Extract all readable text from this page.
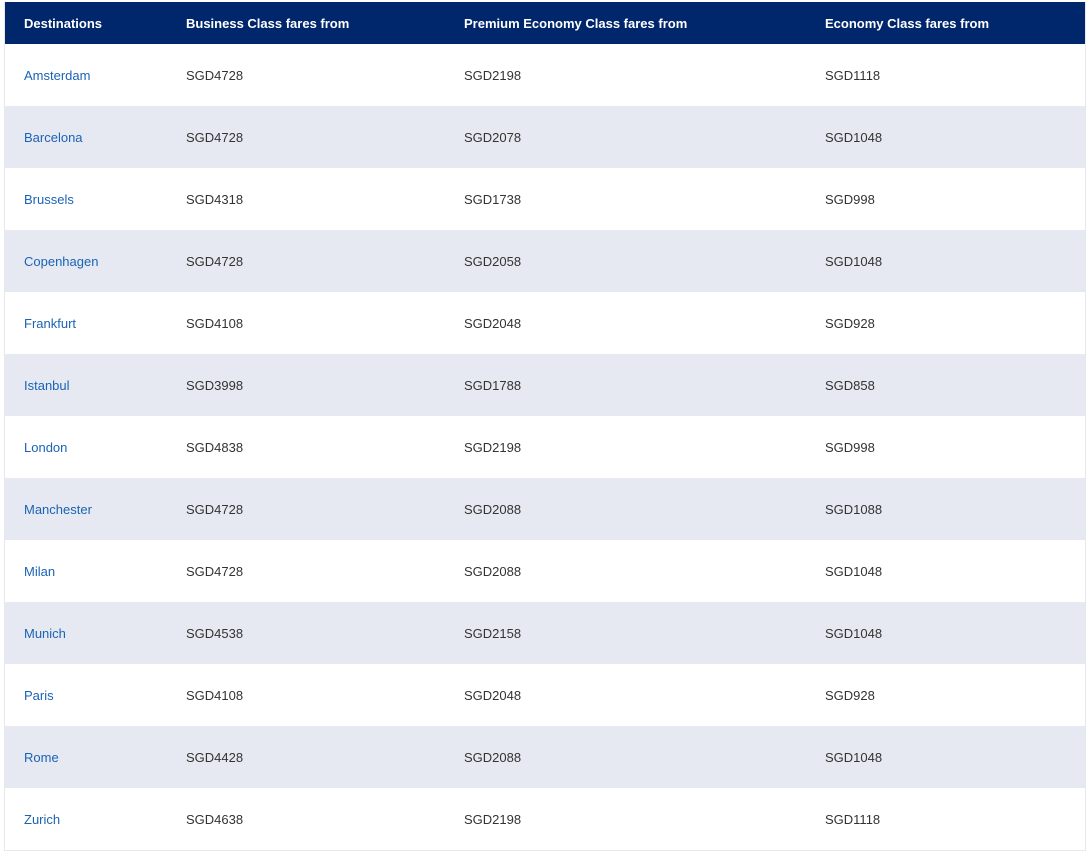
Destinations	Business Class fares from	Premium Economy Class fares from	Economy Class fares from
Amsterdam	SGD4728	SGD2198	SGD1118
Barcelona	SGD4728	SGD2078	SGD1048
Brussels	SGD4318	SGD1738	SGD998
Copenhagen	SGD4728	SGD2058	SGD1048
Frankfurt	SGD4108	SGD2048	SGD928
Istanbul	SGD3998	SGD1788	SGD858
London	SGD4838	SGD2198	SGD998
Manchester	SGD4728	SGD2088	SGD1088
Milan	SGD4728	SGD2088	SGD1048
Munich	SGD4538	SGD2158	SGD1048
Paris	SGD4108	SGD2048	SGD928
Rome	SGD4428	SGD2088	SGD1048
Zurich	SGD4638	SGD2198	SGD1118
